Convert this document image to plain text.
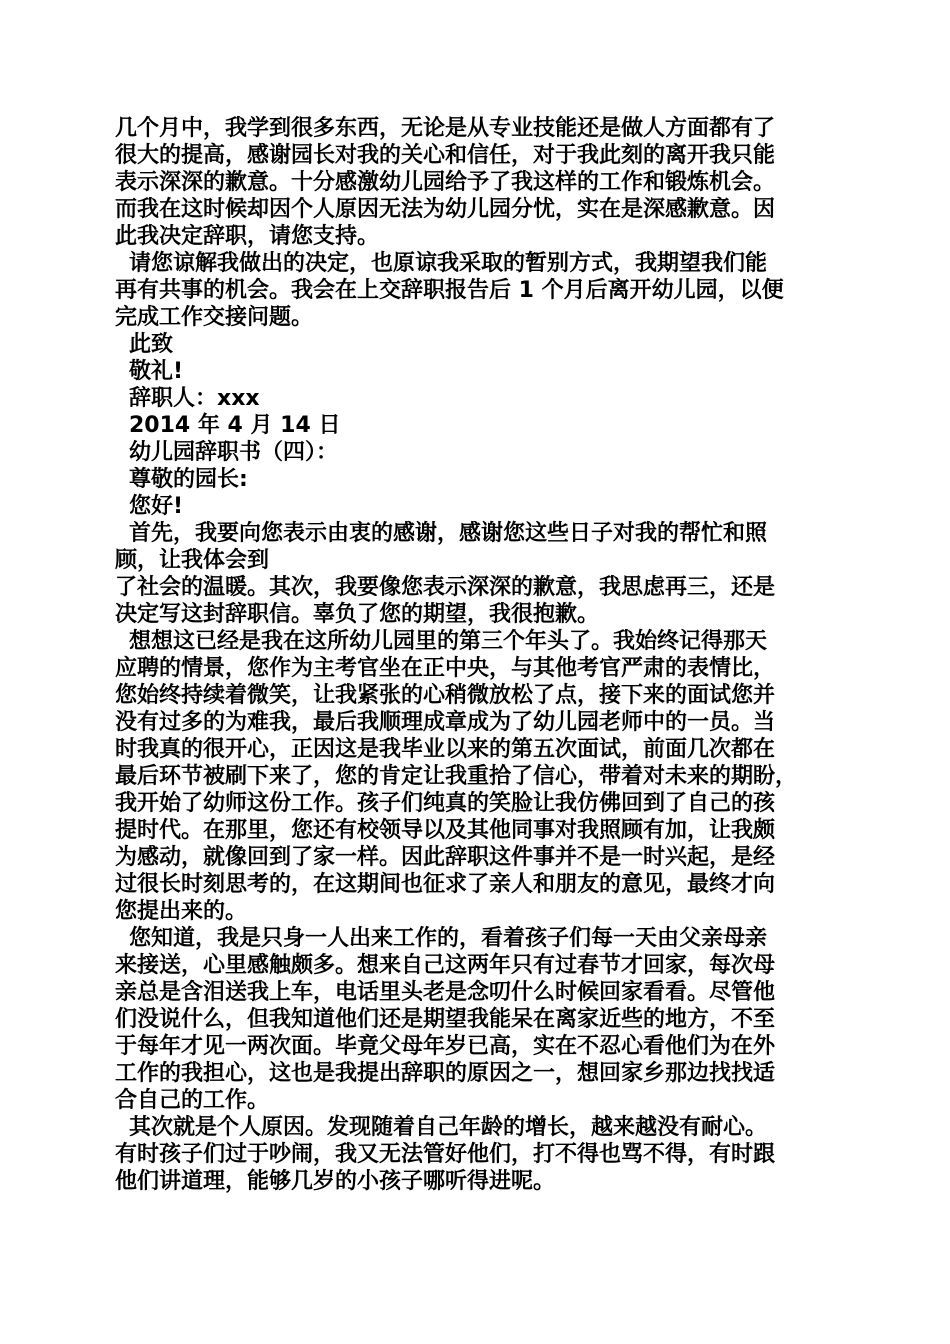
几个月中，我学到很多东西，无论是从专业技能还是做人方面都有了
很大的提高，感谢园长对我的关心和信任，对于我此刻的离开我只能
表示深深的歉意。十分感激幼儿园给予了我这样的工作和锻炼机会。
而我在这时候却因个人原因无法为幼儿园分忧，实在是深感歉意。因
此我决定辞职，请您支持。
请您谅解我做出的决定，也原谅我采取的暂别方式，我期望我们能
再有共事的机会。我会在上交辞职报告后 1 个月后离开幼儿园，以便
完成工作交接问题。
此致
敬礼!
辞职人：xxx
2014 年 4 月 14 日
幼儿园辞职书（四）：
尊敬的园长:
您好!
首先，我要向您表示由衷的感谢，感谢您这些日子对我的帮忙和照
顾，让我体会到
了社会的温暖。其次，我要像您表示深深的歉意，我思虑再三，还是
决定写这封辞职信。辜负了您的期望，我很抱歉。
想想这已经是我在这所幼儿园里的第三个年头了。我始终记得那天
应聘的情景，您作为主考官坐在正中央，与其他考官严肃的表情比，
您始终持续着微笑，让我紧张的心稍微放松了点，接下来的面试您并
没有过多的为难我，最后我顺理成章成为了幼儿园老师中的一员。当
时我真的很开心，正因这是我毕业以来的第五次面试，前面几次都在
最后环节被刷下来了，您的肯定让我重拾了信心，带着对未来的期盼，
我开始了幼师这份工作。孩子们纯真的笑脸让我仿佛回到了自己的孩
提时代。在那里，您还有校领导以及其他同事对我照顾有加，让我颇
为感动，就像回到了家一样。因此辞职这件事并不是一时兴起，是经
过很长时刻思考的，在这期间也征求了亲人和朋友的意见，最终才向
您提出来的。
您知道，我是只身一人出来工作的，看着孩子们每一天由父亲母亲
来接送，心里感触颇多。想来自己这两年只有过春节才回家，每次母
亲总是含泪送我上车，电话里头老是念叨什么时候回家看看。尽管他
们没说什么，但我知道他们还是期望我能呆在离家近些的地方，不至
于每年才见一两次面。毕竟父母年岁已高，实在不忍心看他们为在外
工作的我担心，这也是我提出辞职的原因之一，想回家乡那边找找适
合自己的工作。
其次就是个人原因。发现随着自己年龄的增长，越来越没有耐心。
有时孩子们过于吵闹，我又无法管好他们，打不得也骂不得，有时跟
他们讲道理，能够几岁的小孩子哪听得进呢。
